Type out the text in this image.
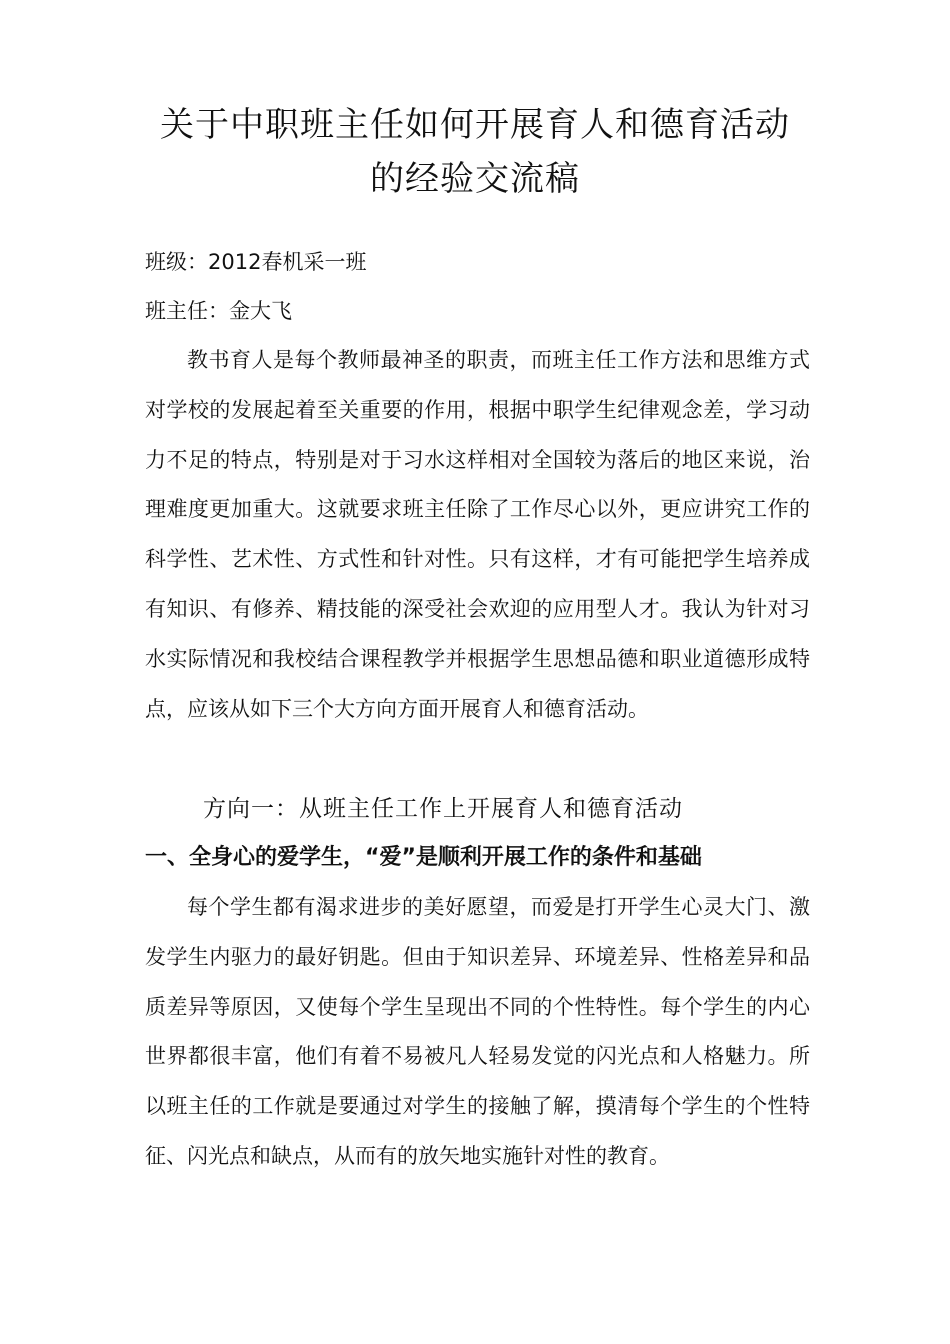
关于中职班主任如何开展育人和德育活动
的经验交流稿
班级：2012春机采一班
班主任：金大飞

教书育人是每个教师最神圣的职责，而班主任工作方法和思维方式对学校的发展起着至关重要的作用，根据中职学生纪律观念差，学习动力不足的特点，特别是对于习水这样相对全国较为落后的地区来说，治理难度更加重大。这就要求班主任除了工作尽心以外，更应讲究工作的科学性、艺术性、方式性和针对性。只有这样，才有可能把学生培养成有知识、有修养、精技能的深受社会欢迎的应用型人才。我认为针对习水实际情况和我校结合课程教学并根据学生思想品德和职业道德形成特点，应该从如下三个大方向方面开展育人和德育活动。

方向一：从班主任工作上开展育人和德育活动
一、全身心的爱学生，“爱”是顺利开展工作的条件和基础

每个学生都有渴求进步的美好愿望，而爱是打开学生心灵大门、激发学生内驱力的最好钥匙。但由于知识差异、环境差异、性格差异和品质差异等原因，又使每个学生呈现出不同的个性特性。每个学生的内心世界都很丰富，他们有着不易被凡人轻易发觉的闪光点和人格魅力。所以班主任的工作就是要通过对学生的接触了解，摸清每个学生的个性特征、闪光点和缺点，从而有的放矢地实施针对性的教育。
